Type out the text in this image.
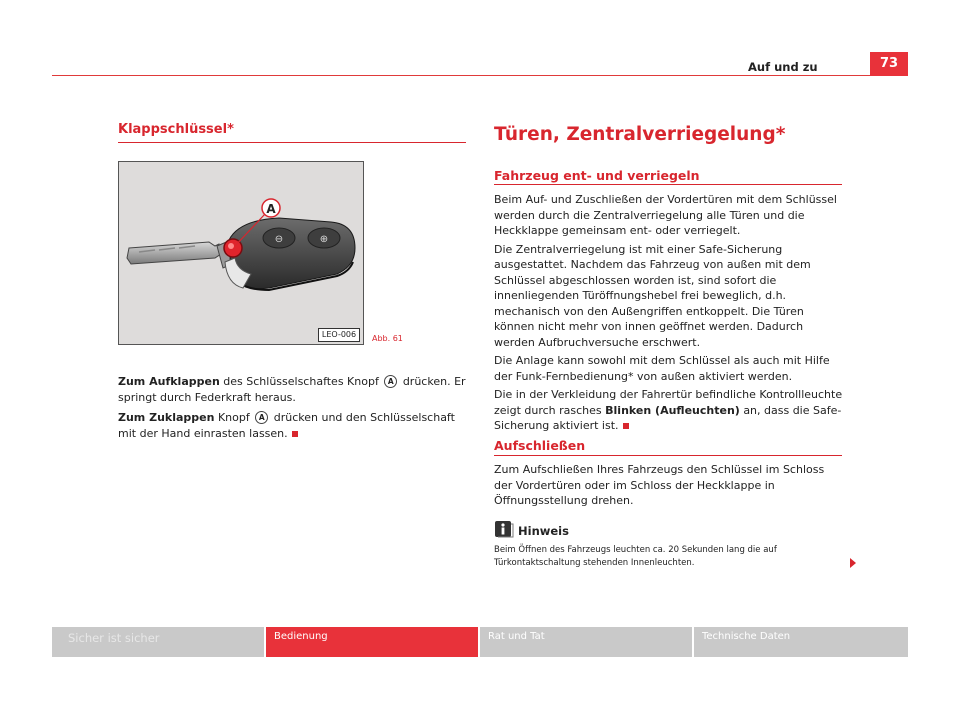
Auf und zu	73
Klappschlüssel*
⊖	⊕
A
LEO-006	Abb. 61
Zum Aufklappen des Schlüsselschaftes Knopf A drücken. Er springt durch Federkraft heraus.
Zum Zuklappen Knopf A drücken und den Schlüsselschaft mit der Hand einrasten lassen.
Türen, Zentralverriegelung*
Fahrzeug ent- und verriegeln

Beim Auf- und Zuschließen der Vordertüren mit dem Schlüssel werden durch die Zentralverriegelung alle Türen und die Heckklappe gemeinsam ent- oder verriegelt.

Die Zentralverriegelung ist mit einer Safe-Sicherung ausgestattet. Nachdem das Fahrzeug von außen mit dem Schlüssel abgeschlossen worden ist, sind sofort die innenliegenden Türöffnungshebel frei beweglich, d.h. mechanisch von den Außengriffen entkoppelt. Die Türen können nicht mehr von innen geöffnet werden. Dadurch werden Aufbruchversuche erschwert.

Die Anlage kann sowohl mit dem Schlüssel als auch mit Hilfe der Funk-Fernbedienung* von außen aktiviert werden.

Die in der Verkleidung der Fahrertür befindliche Kontrollleuchte zeigt durch rasches Blinken (Aufleuchten) an, dass die Safe-Sicherung aktiviert ist.

Aufschließen
Zum Aufschließen Ihres Fahrzeugs den Schlüssel im Schloss der Vordertüren oder im Schloss der Heckklappe in Öffnungsstellung drehen.
Hinweis
Beim Öffnen des Fahrzeugs leuchten ca. 20 Sekunden lang die auf Türkontaktschaltung stehenden Innenleuchten.
Sicher ist sicher	Bedienung	Rat und Tat	Technische Daten
